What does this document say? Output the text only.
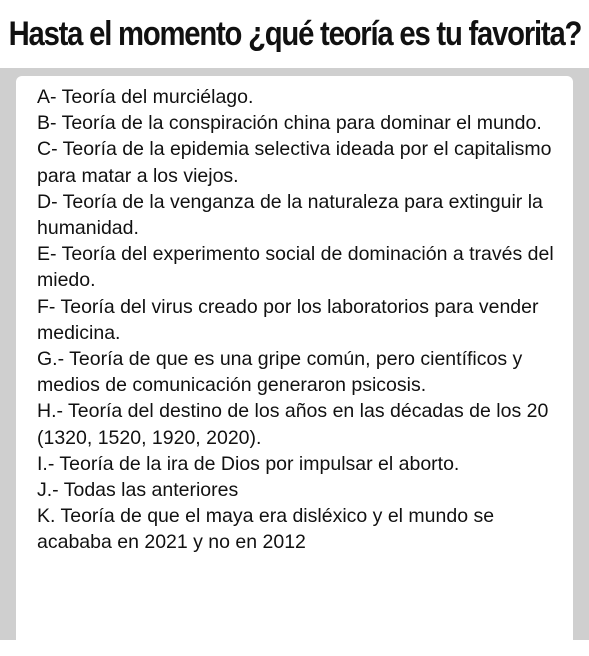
Hasta el momento ¿qué teoría es tu favorita?
A- Teoría del murciélago.
B- Teoría de la conspiración china para dominar el mundo.
C- Teoría de la epidemia selectiva ideada por el capitalismo para matar a los viejos.
D- Teoría de la venganza de la naturaleza para extinguir la humanidad.
E- Teoría del experimento social de dominación a través del miedo.
F- Teoría del virus creado por los laboratorios para vender medicina.
G.- Teoría de que es una gripe común, pero científicos y medios de comunicación generaron psicosis.
H.- Teoría del destino de los años en las décadas de los 20 (1320, 1520, 1920, 2020).
I.- Teoría de la ira de Dios por impulsar el aborto.
J.- Todas las anteriores
K. Teoría de que el maya era disléxico y el mundo se acababa en 2021 y no en 2012
